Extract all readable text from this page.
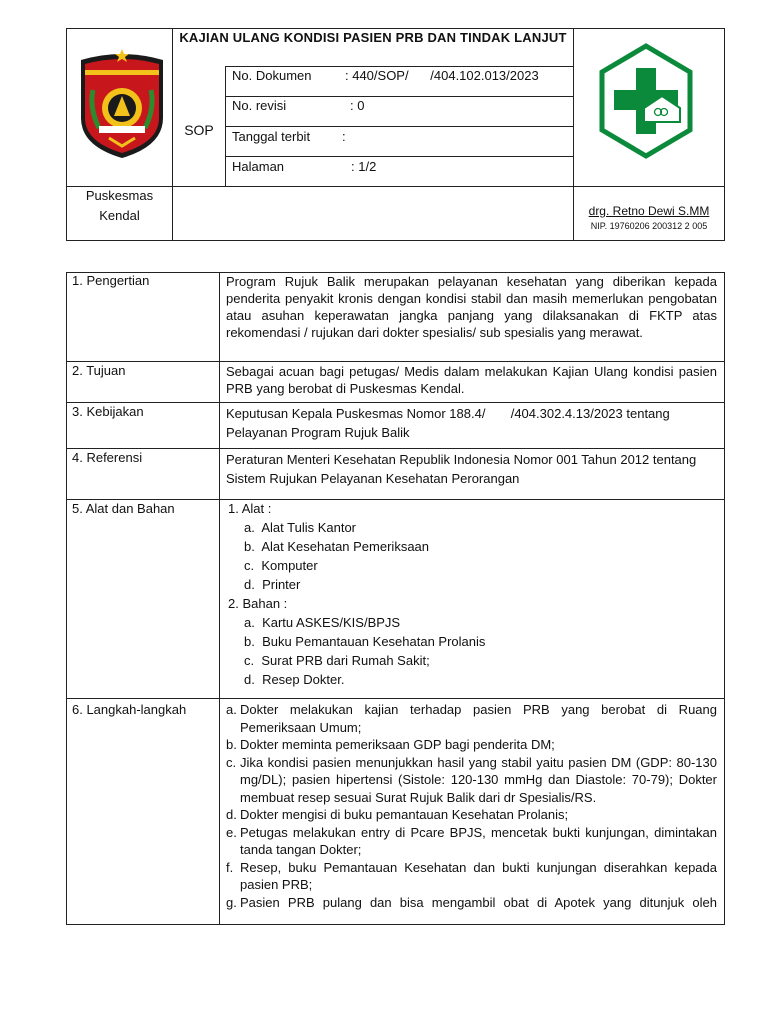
KAJIAN ULANG KONDISI PASIEN PRB DAN TINDAK LANJUT
SOP
No. Dokumen	: 440/SOP/      /404.102.013/2023
No. revisi	: 0
Tanggal terbit :
Halaman	: 1/2
Puskesmas
Kendal	drg. Retno Dewi S.MM
NIP. 19760206 200312 2 005
1. Pengertian	Program Rujuk Balik merupakan pelayanan kesehatan yang diberikan kepada penderita penyakit kronis dengan kondisi stabil dan masih memerlukan pengobatan atau asuhan keperawatan jangka panjang yang dilaksanakan di FKTP atas rekomendasi / rujukan dari dokter spesialis/ sub spesialis yang merawat.
2. Tujuan	Sebagai acuan bagi petugas/ Medis dalam melakukan Kajian Ulang kondisi pasien PRB yang berobat di Puskesmas Kendal.
3. Kebijakan	Keputusan Kepala Puskesmas Nomor 188.4/       /404.302.4.13/2023 tentang Pelayanan Program Rujuk Balik
4. Referensi	Peraturan Menteri Kesehatan Republik Indonesia Nomor 001 Tahun 2012 tentang Sistem Rujukan Pelayanan Kesehatan Perorangan
5. Alat dan Bahan	1. Alat :
a.  Alat Tulis Kantor
b.  Alat Kesehatan Pemeriksaan
c.  Komputer
d.  Printer
2. Bahan :
a.  Kartu ASKES/KIS/BPJS
b.  Buku Pemantauan Kesehatan Prolanis
c.  Surat PRB dari Rumah Sakit;
d.  Resep Dokter.
6. Langkah-langkah	a. Dokter melakukan kajian terhadap pasien PRB yang berobat di Ruang Pemeriksaan Umum;
b. Dokter meminta pemeriksaan GDP bagi penderita DM;
c. Jika kondisi pasien menunjukkan hasil yang stabil yaitu pasien DM (GDP: 80-130 mg/DL); pasien hipertensi (Sistole: 120-130 mmHg dan Diastole: 70-79); Dokter membuat resep sesuai Surat Rujuk Balik dari dr Spesialis/RS.
d. Dokter mengisi di buku pemantauan Kesehatan Prolanis;
e. Petugas melakukan entry di Pcare BPJS, mencetak bukti kunjungan, dimintakan tanda tangan Dokter;
f. Resep, buku Pemantauan Kesehatan dan bukti kunjungan diserahkan kepada pasien PRB;
g. Pasien PRB pulang dan bisa mengambil obat di Apotek yang ditunjuk oleh
